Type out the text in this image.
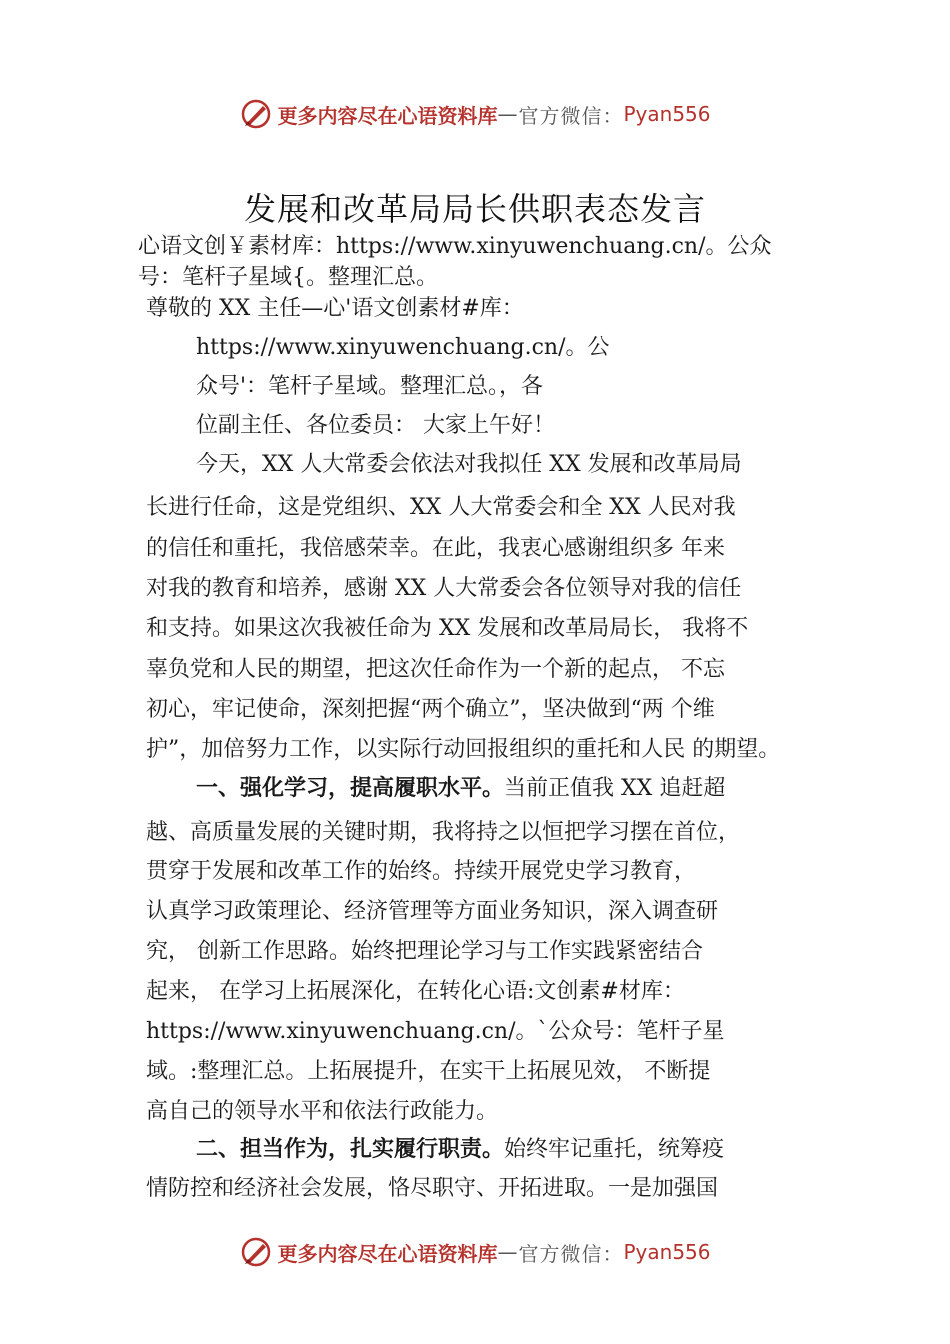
更多内容尽在心语资料库 — 官方微信： Pyan556
发展和改革局局长供职表态发言
心语文创￥素材库：https://www.xinyuwenchuang.cn/。公众
号：笔杆子星域{。整理汇总。
尊敬的 XX 主任—心'语文创素材#库：
https://www.xinyuwenchuang.cn/。公
众号'：笔杆子星域。整理汇总。，各
位副主任、各位委员： 大家上午好！
今天，XX 人大常委会依法对我拟任 XX 发展和改革局局
长进行任命，这是党组织、XX 人大常委会和全 XX 人民对我
的信任和重托，我倍感荣幸。在此，我衷心感谢组织多 年来
对我的教育和培养，感谢 XX 人大常委会各位领导对我的信任
和支持。如果这次我被任命为 XX 发展和改革局局长， 我将不
辜负党和人民的期望，把这次任命作为一个新的起点， 不忘
初心，牢记使命，深刻把握“两个确立”，坚决做到“两 个维
护”，加倍努力工作，以实际行动回报组织的重托和人民 的期望。
一、强化学习，提高履职水平。当前正值我 XX 追赶超
越、高质量发展的关键时期，我将持之以恒把学习摆在首位，
贯穿于发展和改革工作的始终。持续开展党史学习教育，
认真学习政策理论、经济管理等方面业务知识，深入调查研
究， 创新工作思路。始终把理论学习与工作实践紧密结合
起来， 在学习上拓展深化，在转化心语:文创素#材库：
https://www.xinyuwenchuang.cn/。`公众号：笔杆子星
域。:整理汇总。上拓展提升，在实干上拓展见效， 不断提
高自己的领导水平和依法行政能力。
二、担当作为，扎实履行职责。始终牢记重托，统筹疫
情防控和经济社会发展，恪尽职守、开拓进取。一是加强国
更多内容尽在心语资料库 — 官方微信： Pyan556
